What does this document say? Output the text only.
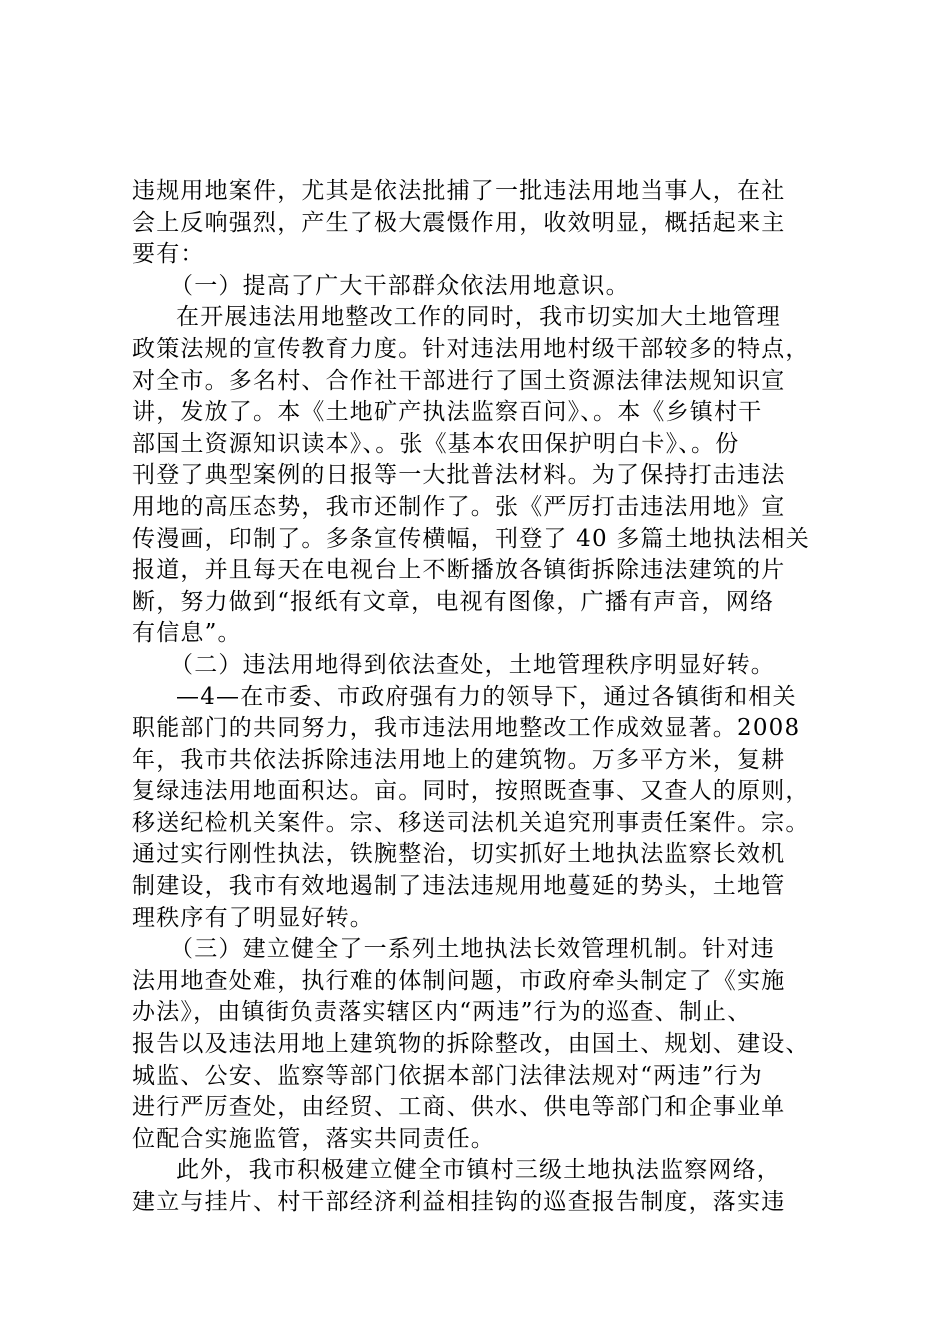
违规用地案件，尤其是依法批捕了一批违法用地当事人，在社
会上反响强烈，产生了极大震慑作用，收效明显，概括起来主
要有：
（一）提高了广大干部群众依法用地意识。
在开展违法用地整改工作的同时，我市切实加大土地管理
政策法规的宣传教育力度。针对违法用地村级干部较多的特点，
对全市。多名村、合作社干部进行了国土资源法律法规知识宣
讲，发放了。本《土地矿产执法监察百问》、。本《乡镇村干
部国土资源知识读本》、。张《基本农田保护明白卡》、。份
刊登了典型案例的日报等一大批普法材料。为了保持打击违法
用地的高压态势，我市还制作了。张《严厉打击违法用地》宣
传漫画，印制了。多条宣传横幅，刊登了 40 多篇土地执法相关
报道，并且每天在电视台上不断播放各镇街拆除违法建筑的片
断，努力做到“报纸有文章，电视有图像，广播有声音，网络
有信息”。
（二）违法用地得到依法查处，土地管理秩序明显好转。
—4—在市委、市政府强有力的领导下，通过各镇街和相关
职能部门的共同努力，我市违法用地整改工作成效显著。2008
年，我市共依法拆除违法用地上的建筑物。万多平方米，复耕
复绿违法用地面积达。亩。同时，按照既查事、又查人的原则，
移送纪检机关案件。宗、移送司法机关追究刑事责任案件。宗。
通过实行刚性执法，铁腕整治，切实抓好土地执法监察长效机
制建设，我市有效地遏制了违法违规用地蔓延的势头，土地管
理秩序有了明显好转。
（三）建立健全了一系列土地执法长效管理机制。针对违
法用地查处难，执行难的体制问题，市政府牵头制定了《实施
办法》，由镇街负责落实辖区内“两违”行为的巡查、制止、
报告以及违法用地上建筑物的拆除整改，由国土、规划、建设、
城监、公安、监察等部门依据本部门法律法规对“两违”行为
进行严厉查处，由经贸、工商、供水、供电等部门和企事业单
位配合实施监管，落实共同责任。
此外，我市积极建立健全市镇村三级土地执法监察网络，
建立与挂片、村干部经济利益相挂钩的巡查报告制度，落实违
